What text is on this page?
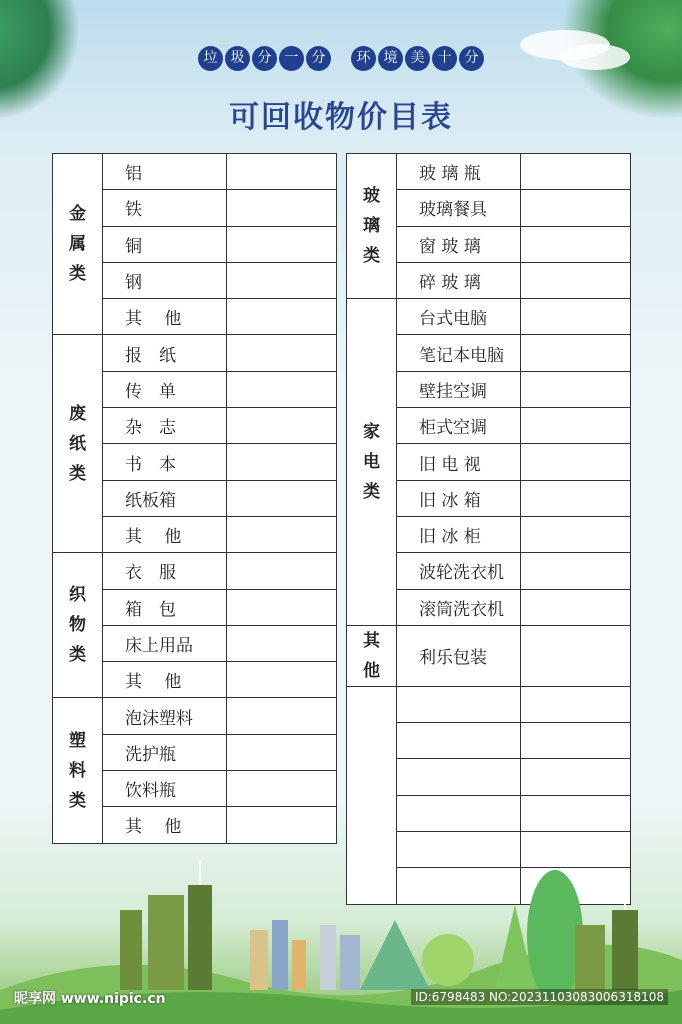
垃 圾 分 一 分 环 境 美 十 分
可回收物价目表
金属类	铝	
	铁	
	铜	
	钢	
	其　 他	
废纸类	报　纸	
	传　单	
	杂　志	
	书　本	
	纸板箱	
	其　 他	
织物类	衣　服	
	箱　包	
	床上用品	
	其　 他	
塑料类	泡沫塑料	
	洗护瓶	
	饮料瓶	
	其　 他	
玻璃类	玻 璃 瓶	
	玻璃餐具	
	窗 玻 璃	
	碎 玻 璃	
家电类	台式电脑	
	笔记本电脑	
	壁挂空调	
	柜式空调	
	旧 电 视	
	旧 冰 箱	
	旧 冰 柜	
	波轮洗衣机	
	滚筒洗衣机	
其他	利乐包装	

昵享网 www.nipic.cn	ID:6798483 NO:20231103083006318108
